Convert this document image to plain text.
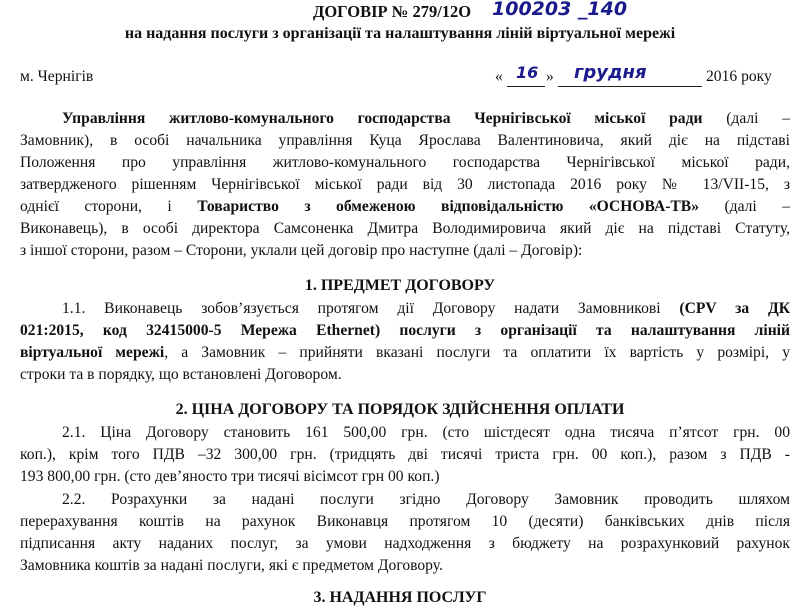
ДОГОВІР № 279/12О 100203 _140
на надання послуги з організації та налаштування ліній віртуальної мережі
м. Чернігів	« 16 » грудня	2016 року
Управління житлово-комунального господарства Чернігівської міської ради (далі –
Замовник), в особі начальника управління Куца Ярослава Валентиновича, який діє на підставі
Положення про управління житлово-комунального господарства Чернігівської міської ради,
затвердженого рішенням Чернігівської міської ради від 30 листопада 2016 року № 13/VII-15, з
однієї сторони, і Товариство з обмеженою відповідальністю «ОСНОВА-ТВ» (далі –
Виконавець), в особі директора Самсоненка Дмитра Володимировича який діє на підставі Статуту,
з іншої сторони, разом – Сторони, уклали цей договір про наступне (далі – Договір):
1. ПРЕДМЕТ ДОГОВОРУ
1.1. Виконавець зобов’язується протягом дії Договору надати Замовникові (CPV за ДК
021:2015, код 32415000-5 Мережа Ethernet) послуги з організації та налаштування ліній
віртуальної мережі, а Замовник – прийняти вказані послуги та оплатити їх вартість у розмірі, у
строки та в порядку, що встановлені Договором.
2. ЦІНА ДОГОВОРУ ТА ПОРЯДОК ЗДІЙСНЕННЯ ОПЛАТИ
2.1. Ціна Договору становить 161 500,00 грн. (сто шістдесят одна тисяча п’ятсот грн. 00
коп.), крім того ПДВ –32 300,00 грн. (тридцять дві тисячі триста грн. 00 коп.), разом з ПДВ -
193 800,00 грн. (сто дев’яносто три тисячі вісімсот грн 00 коп.)
2.2. Розрахунки за надані послуги згідно Договору Замовник проводить шляхом
перерахування коштів на рахунок Виконавця протягом 10 (десяти) банківських днів після
підписання акту наданих послуг, за умови надходження з бюджету на розрахунковий рахунок
Замовника коштів за надані послуги, які є предметом Договору.
3. НАДАННЯ ПОСЛУГ
